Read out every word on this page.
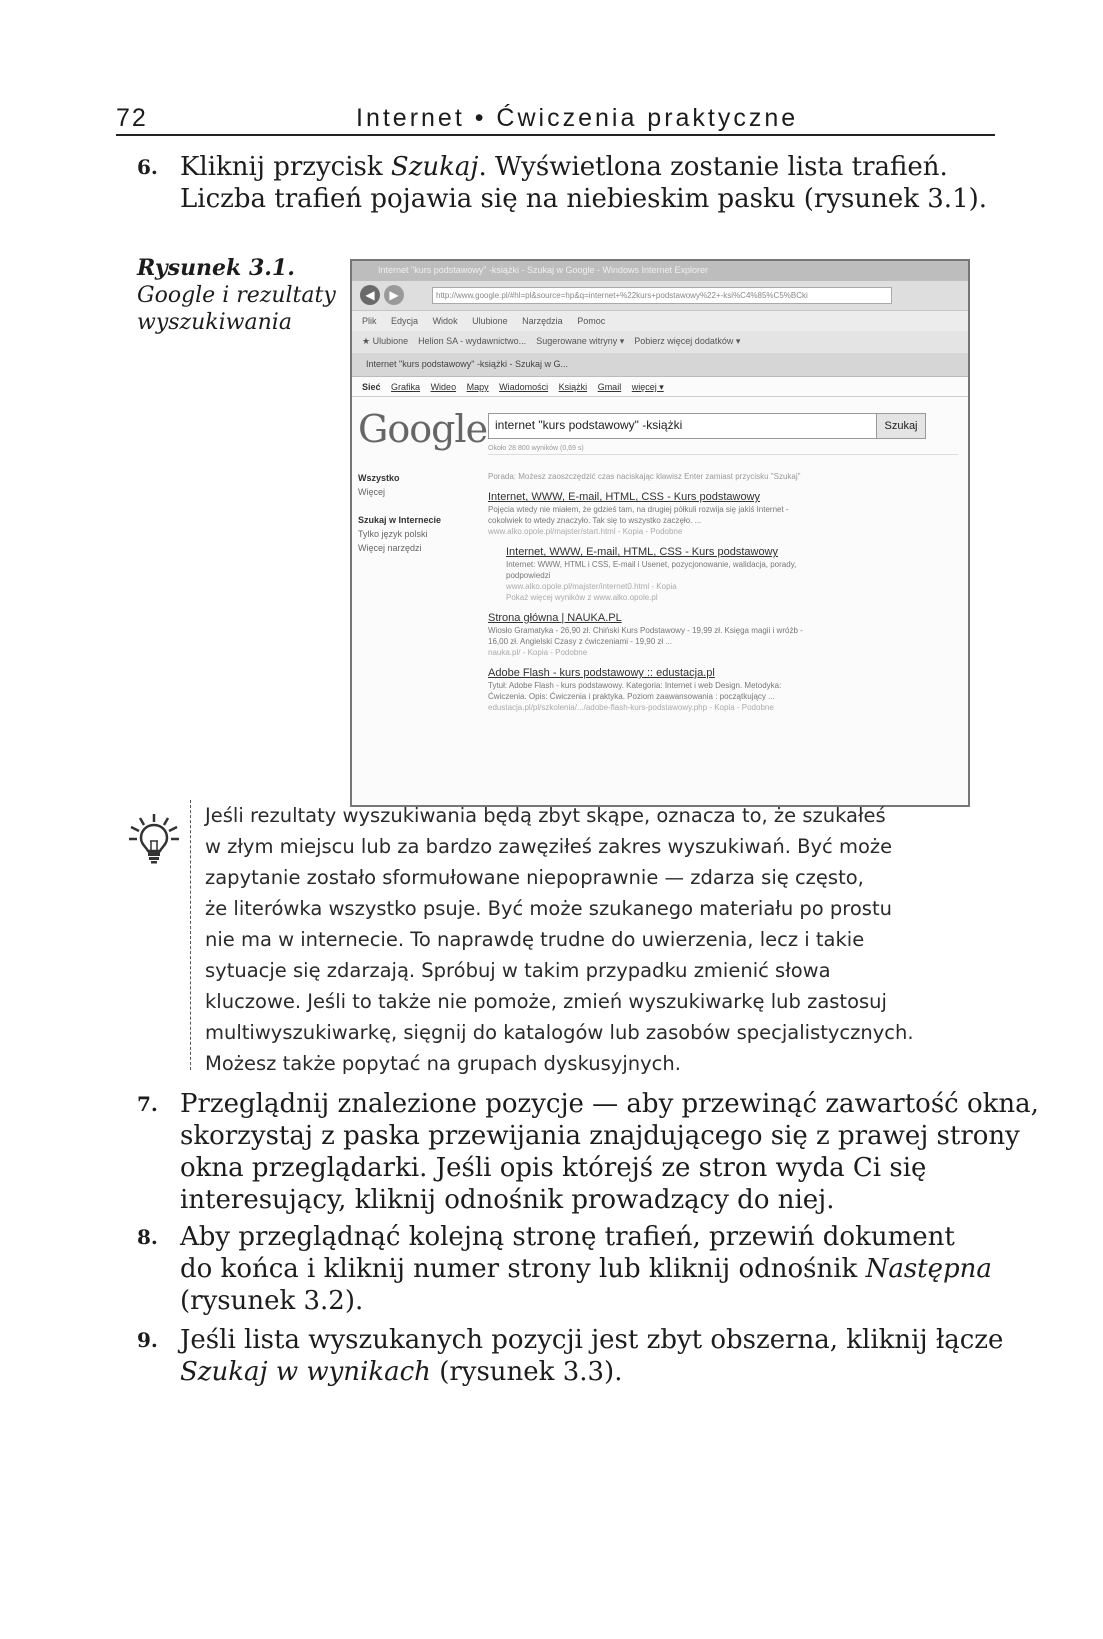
72	Internet • Ćwiczenia praktyczne
6. Kliknij przycisk Szukaj. Wyświetlona zostanie lista trafień.
Liczba trafień pojawia się na niebieskim pasku (rysunek 3.1).
Rysunek 3.1.
Google i rezultaty
wyszukiwania
Internet "kurs podstawowy" -książki - Szukaj w Google - Windows Internet Explorer
◀	▶	http://www.google.pl/#hl=pl&source=hp&q=internet+%22kurs+podstawowy%22+-ksi%C4%85%C5%BCki
Plik Edycja Widok Ulubione Narzędzia Pomoc
★ Ulubione Helion SA - wydawnictwo... Sugerowane witryny ▾ Pobierz więcej dodatków ▾
Internet "kurs podstawowy" -książki - Szukaj w G...
Sieć Grafika Wideo Mapy Wiadomości Książki Gmail więcej ▾
Google internet "kurs podstawowy" -książki	Szukaj
Około 28 800 wyników (0,69 s)
Wszystko
Więcej
Szukaj w Internecie
Tylko język polski
Więcej narzędzi
Porada: Możesz zaoszczędzić czas naciskając klawisz Enter zamiast przycisku "Szukaj"
Internet, WWW, E-mail, HTML, CSS - Kurs podstawowy
Pojęcia wtedy nie miałem, że gdzieś tam, na drugiej półkuli rozwija się jakiś Internet -
cokolwiek to wtedy znaczyło. Tak się to wszystko zaczęło. ...
www.alko.opole.pl/majster/start.html - Kopia - Podobne
Internet, WWW, E-mail, HTML, CSS - Kurs podstawowy
Internet: WWW, HTML i CSS, E-mail i Usenet, pozycjonowanie, walidacja, porady,
podpowiedzi
www.alko.opole.pl/majster/internet0.html - Kopia
Pokaż więcej wyników z www.alko.opole.pl
Strona główna | NAUKA.PL
Wiosło Gramatyka - 26,90 zł. Chiński Kurs Podstawowy - 19,99 zł. Księga magii i wróżb -
16,00 zł. Angielski Czasy z ćwiczeniami - 19,90 zł ...
nauka.pl/ - Kopia - Podobne
Adobe Flash - kurs podstawowy :: edustacja.pl
Tytuł: Adobe Flash - kurs podstawowy. Kategoria: Internet i web Design. Metodyka:
Ćwiczenia. Opis: Ćwiczenia i praktyka. Poziom zaawansowania : początkujący ...
edustacja.pl/pl/szkolenia/.../adobe-flash-kurs-podstawowy.php - Kopia - Podobne
Jeśli rezultaty wyszukiwania będą zbyt skąpe, oznacza to, że szukałeś
w złym miejscu lub za bardzo zawęziłeś zakres wyszukiwań. Być może
zapytanie zostało sformułowane niepoprawnie — zdarza się często,
że literówka wszystko psuje. Być może szukanego materiału po prostu
nie ma w internecie. To naprawdę trudne do uwierzenia, lecz i takie
sytuacje się zdarzają. Spróbuj w takim przypadku zmienić słowa
kluczowe. Jeśli to także nie pomoże, zmień wyszukiwarkę lub zastosuj
multiwyszukiwarkę, sięgnij do katalogów lub zasobów specjalistycznych.
Możesz także popytać na grupach dyskusyjnych.
7. Przeglądnij znalezione pozycje — aby przewinąć zawartość okna,
skorzystaj z paska przewijania znajdującego się z prawej strony
okna przeglądarki. Jeśli opis którejś ze stron wyda Ci się
interesujący, kliknij odnośnik prowadzący do niej.
8. Aby przeglądnąć kolejną stronę trafień, przewiń dokument
do końca i kliknij numer strony lub kliknij odnośnik Następna
(rysunek 3.2).
9. Jeśli lista wyszukanych pozycji jest zbyt obszerna, kliknij łącze
Szukaj w wynikach (rysunek 3.3).
